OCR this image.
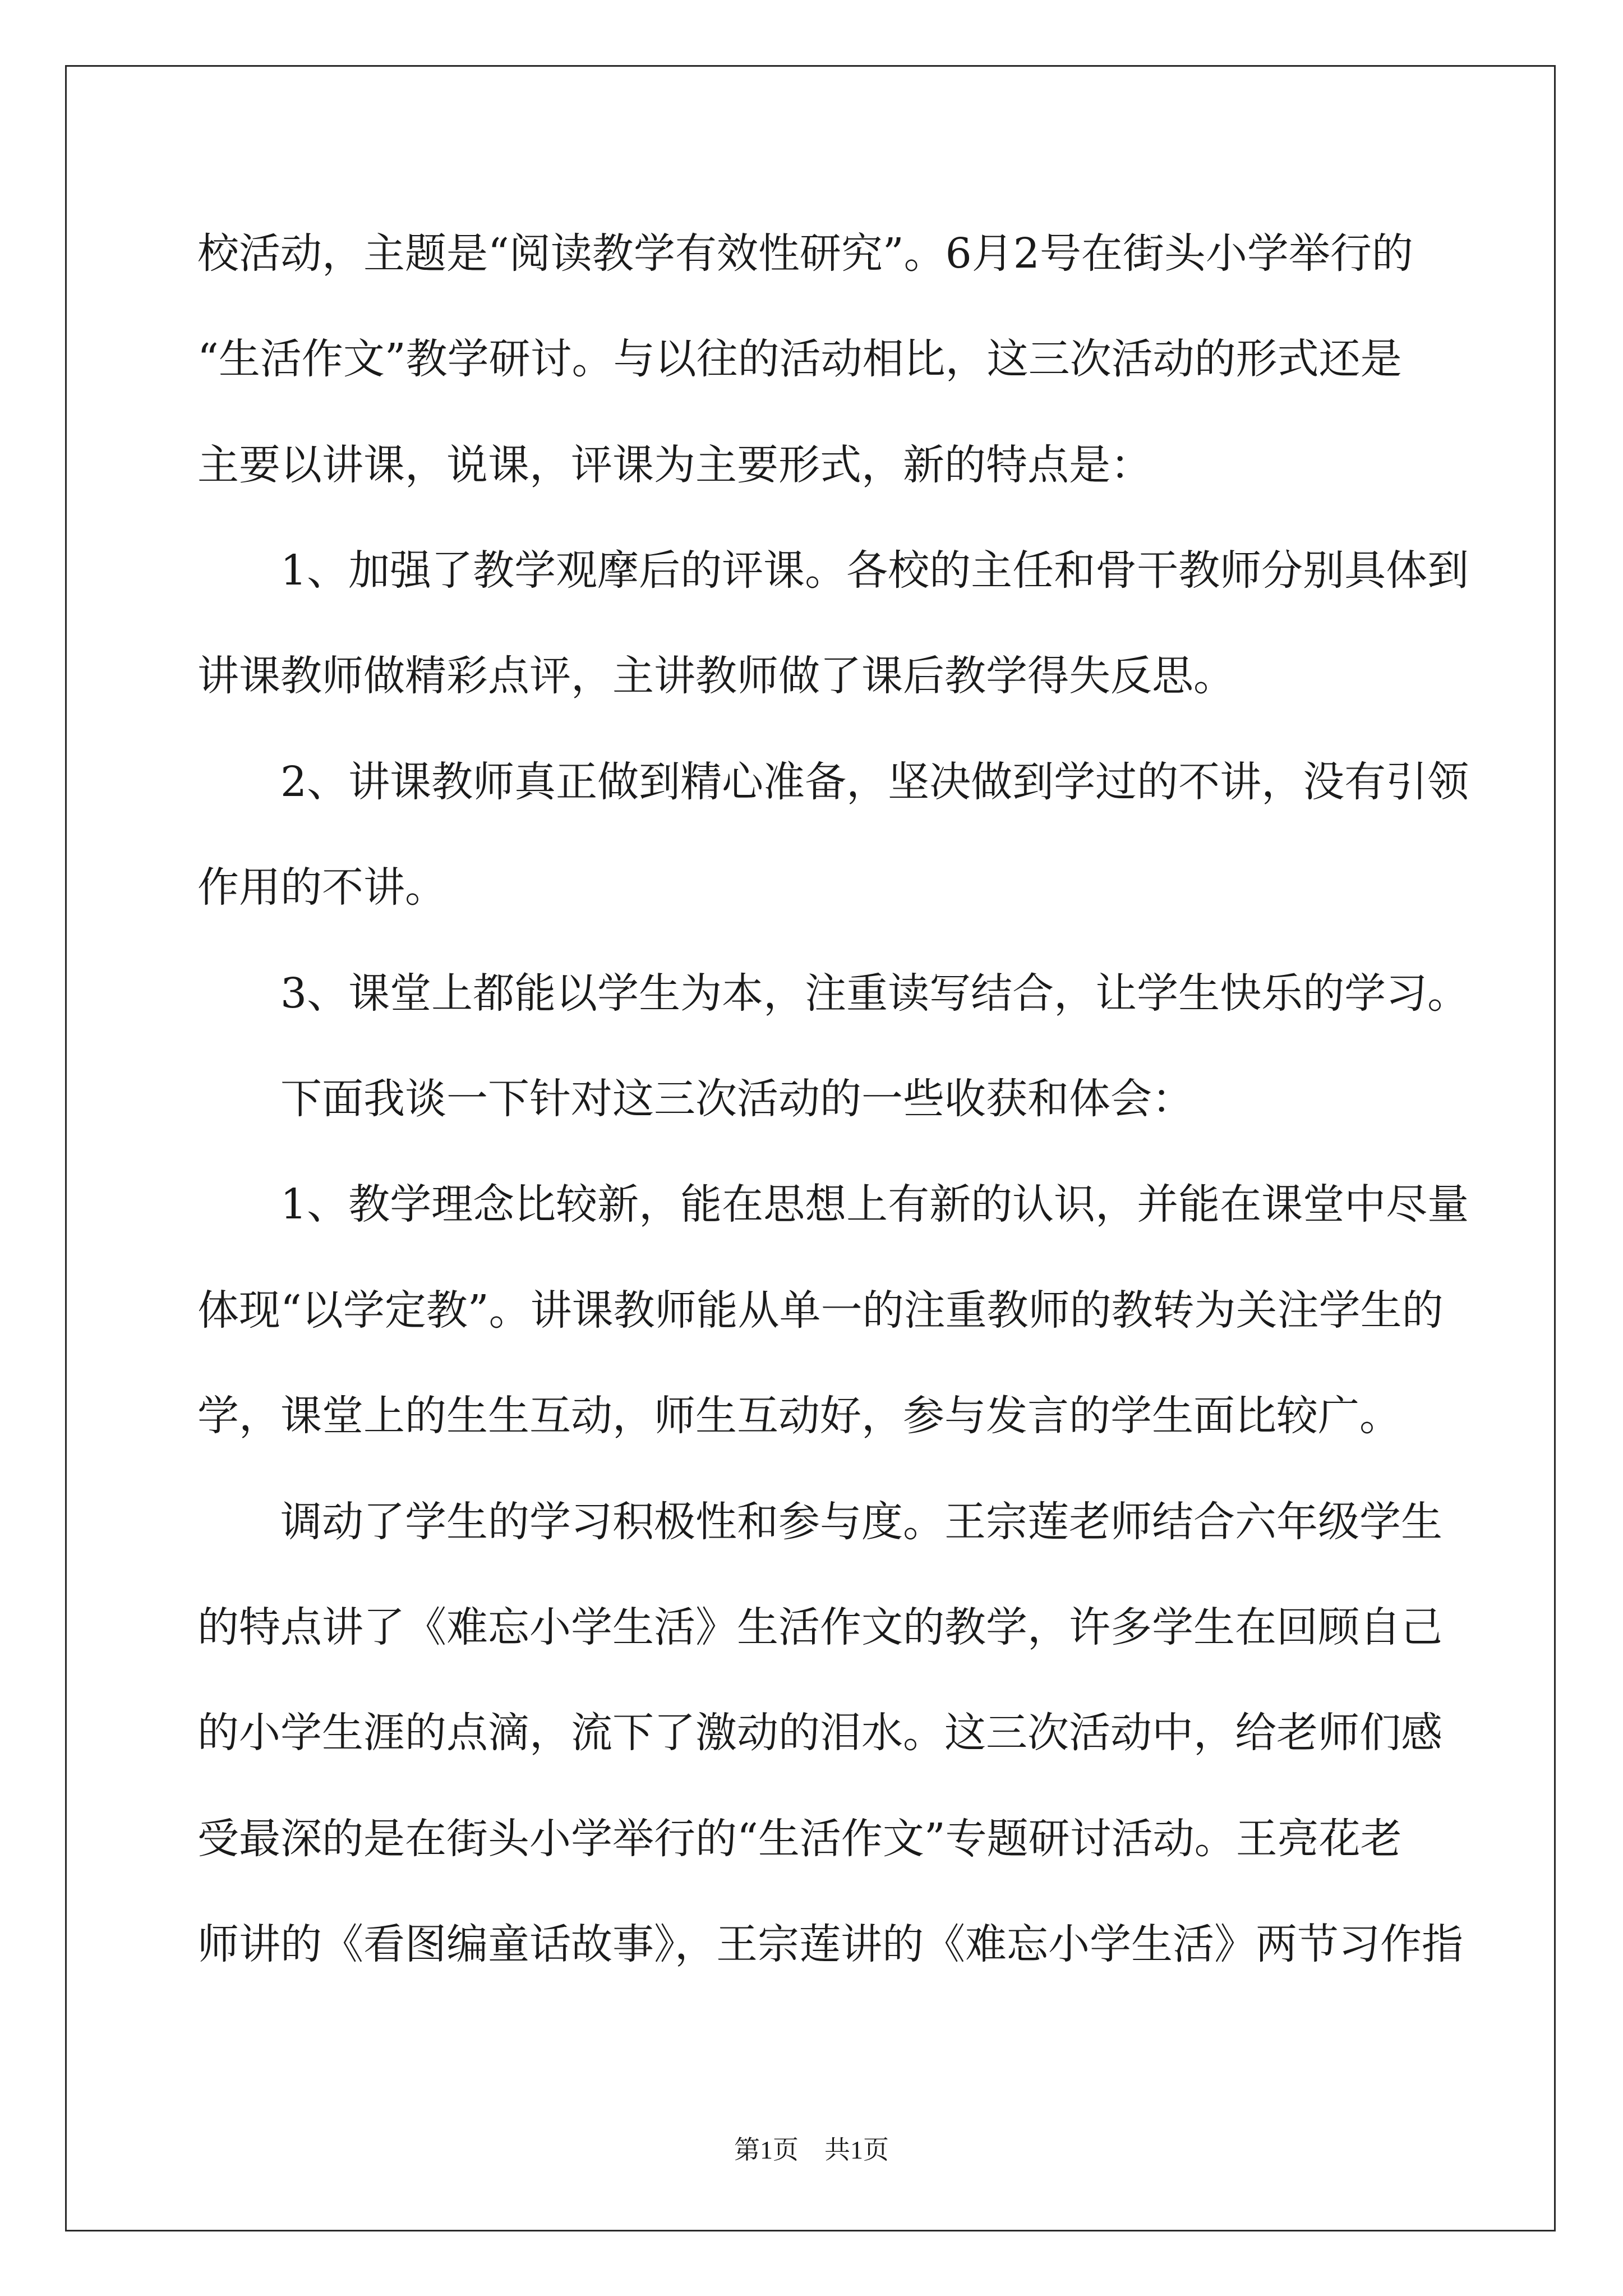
校活动，主题是“阅读教学有效性研究”。6月2号在街头小学举行的

“生活作文”教学研讨。与以往的活动相比，这三次活动的形式还是

主要以讲课，说课，评课为主要形式，新的特点是：

　　1、加强了教学观摩后的评课。各校的主任和骨干教师分别具体到

讲课教师做精彩点评，主讲教师做了课后教学得失反思。

　　2、讲课教师真正做到精心准备，坚决做到学过的不讲，没有引领

作用的不讲。

　　3、课堂上都能以学生为本，注重读写结合，让学生快乐的学习。

　　下面我谈一下针对这三次活动的一些收获和体会：

　　1、教学理念比较新，能在思想上有新的认识，并能在课堂中尽量

体现“以学定教”。讲课教师能从单一的注重教师的教转为关注学生的

学，课堂上的生生互动，师生互动好，参与发言的学生面比较广。

　　调动了学生的学习积极性和参与度。王宗莲老师结合六年级学生

的特点讲了《难忘小学生活》生活作文的教学，许多学生在回顾自己

的小学生涯的点滴，流下了激动的泪水。这三次活动中，给老师们感

受最深的是在街头小学举行的“生活作文”专题研讨活动。王亮花老

师讲的《看图编童话故事》，王宗莲讲的《难忘小学生活》两节习作指

第1页　共1页
